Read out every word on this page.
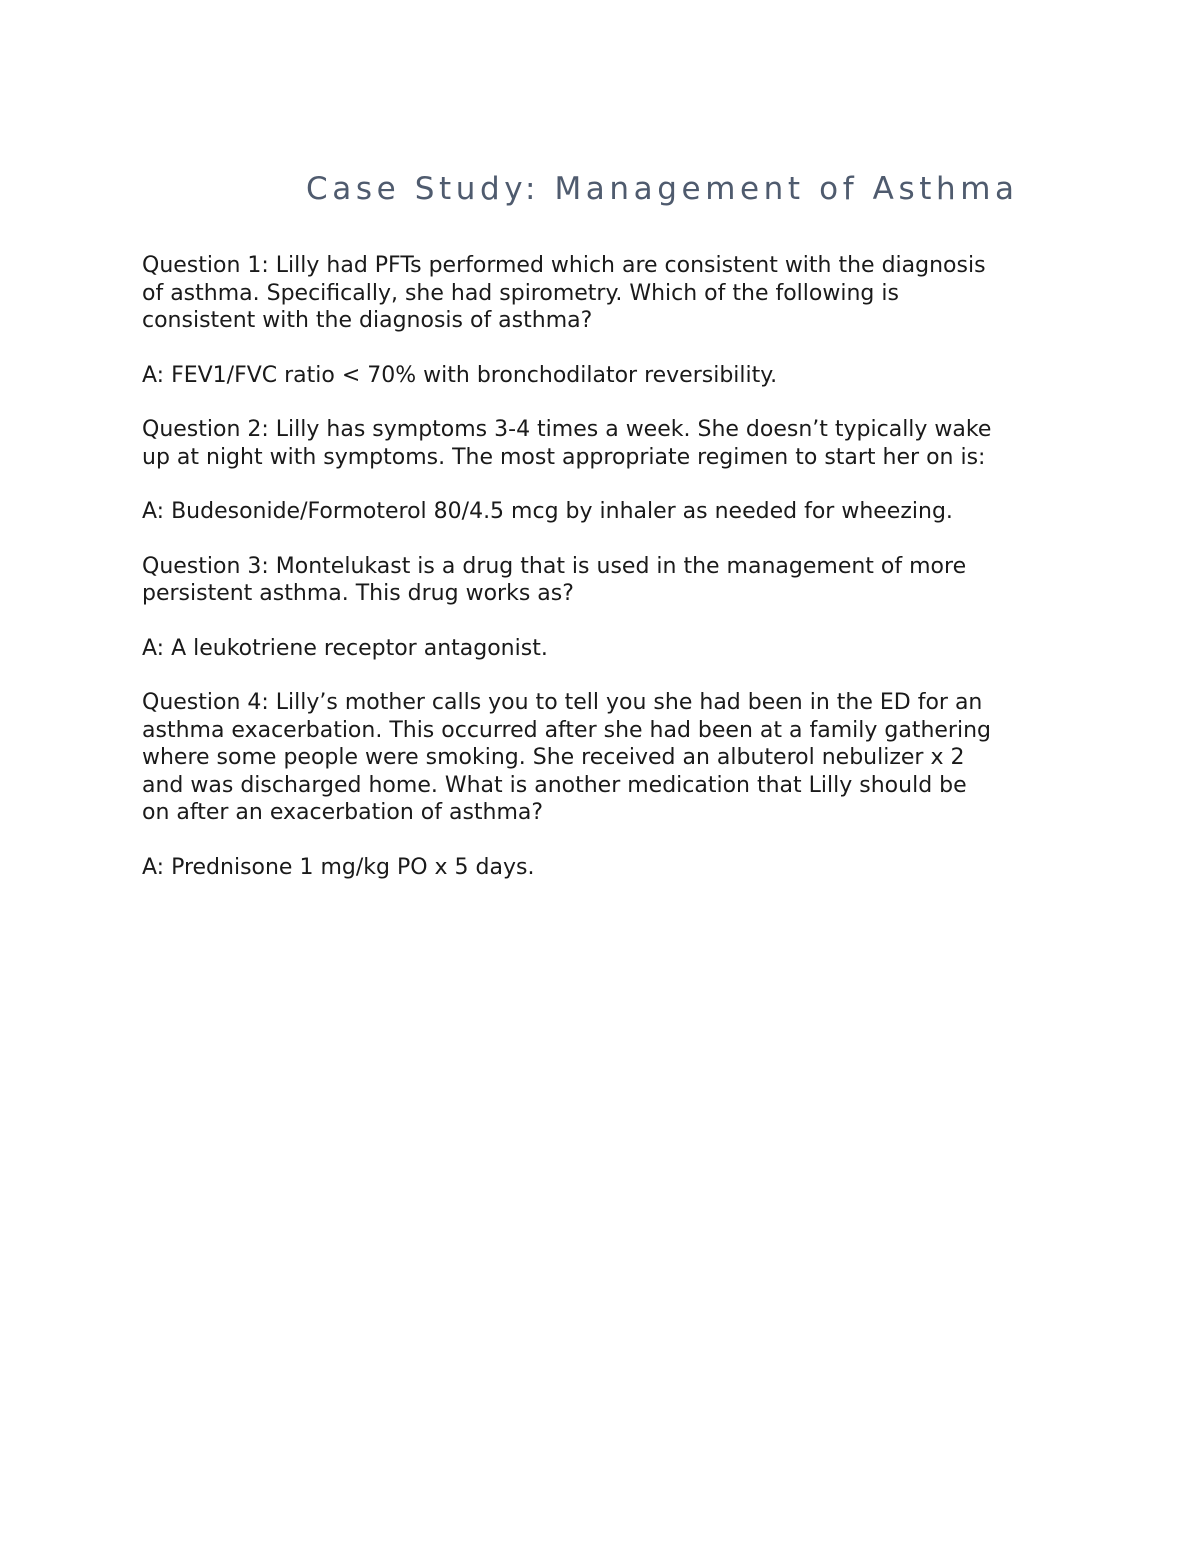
Case Study: Management of Asthma

Question 1: Lilly had PFTs performed which are consistent with the diagnosis
of asthma. Specifically, she had spirometry. Which of the following is
consistent with the diagnosis of asthma?

A: FEV1/FVC ratio < 70% with bronchodilator reversibility.

Question 2: Lilly has symptoms 3-4 times a week. She doesn’t typically wake
up at night with symptoms. The most appropriate regimen to start her on is:

A: Budesonide/Formoterol 80/4.5 mcg by inhaler as needed for wheezing.

Question 3: Montelukast is a drug that is used in the management of more
persistent asthma. This drug works as?

A: A leukotriene receptor antagonist.

Question 4: Lilly’s mother calls you to tell you she had been in the ED for an
asthma exacerbation. This occurred after she had been at a family gathering
where some people were smoking. She received an albuterol nebulizer x 2
and was discharged home. What is another medication that Lilly should be
on after an exacerbation of asthma?

A: Prednisone 1 mg/kg PO x 5 days.
